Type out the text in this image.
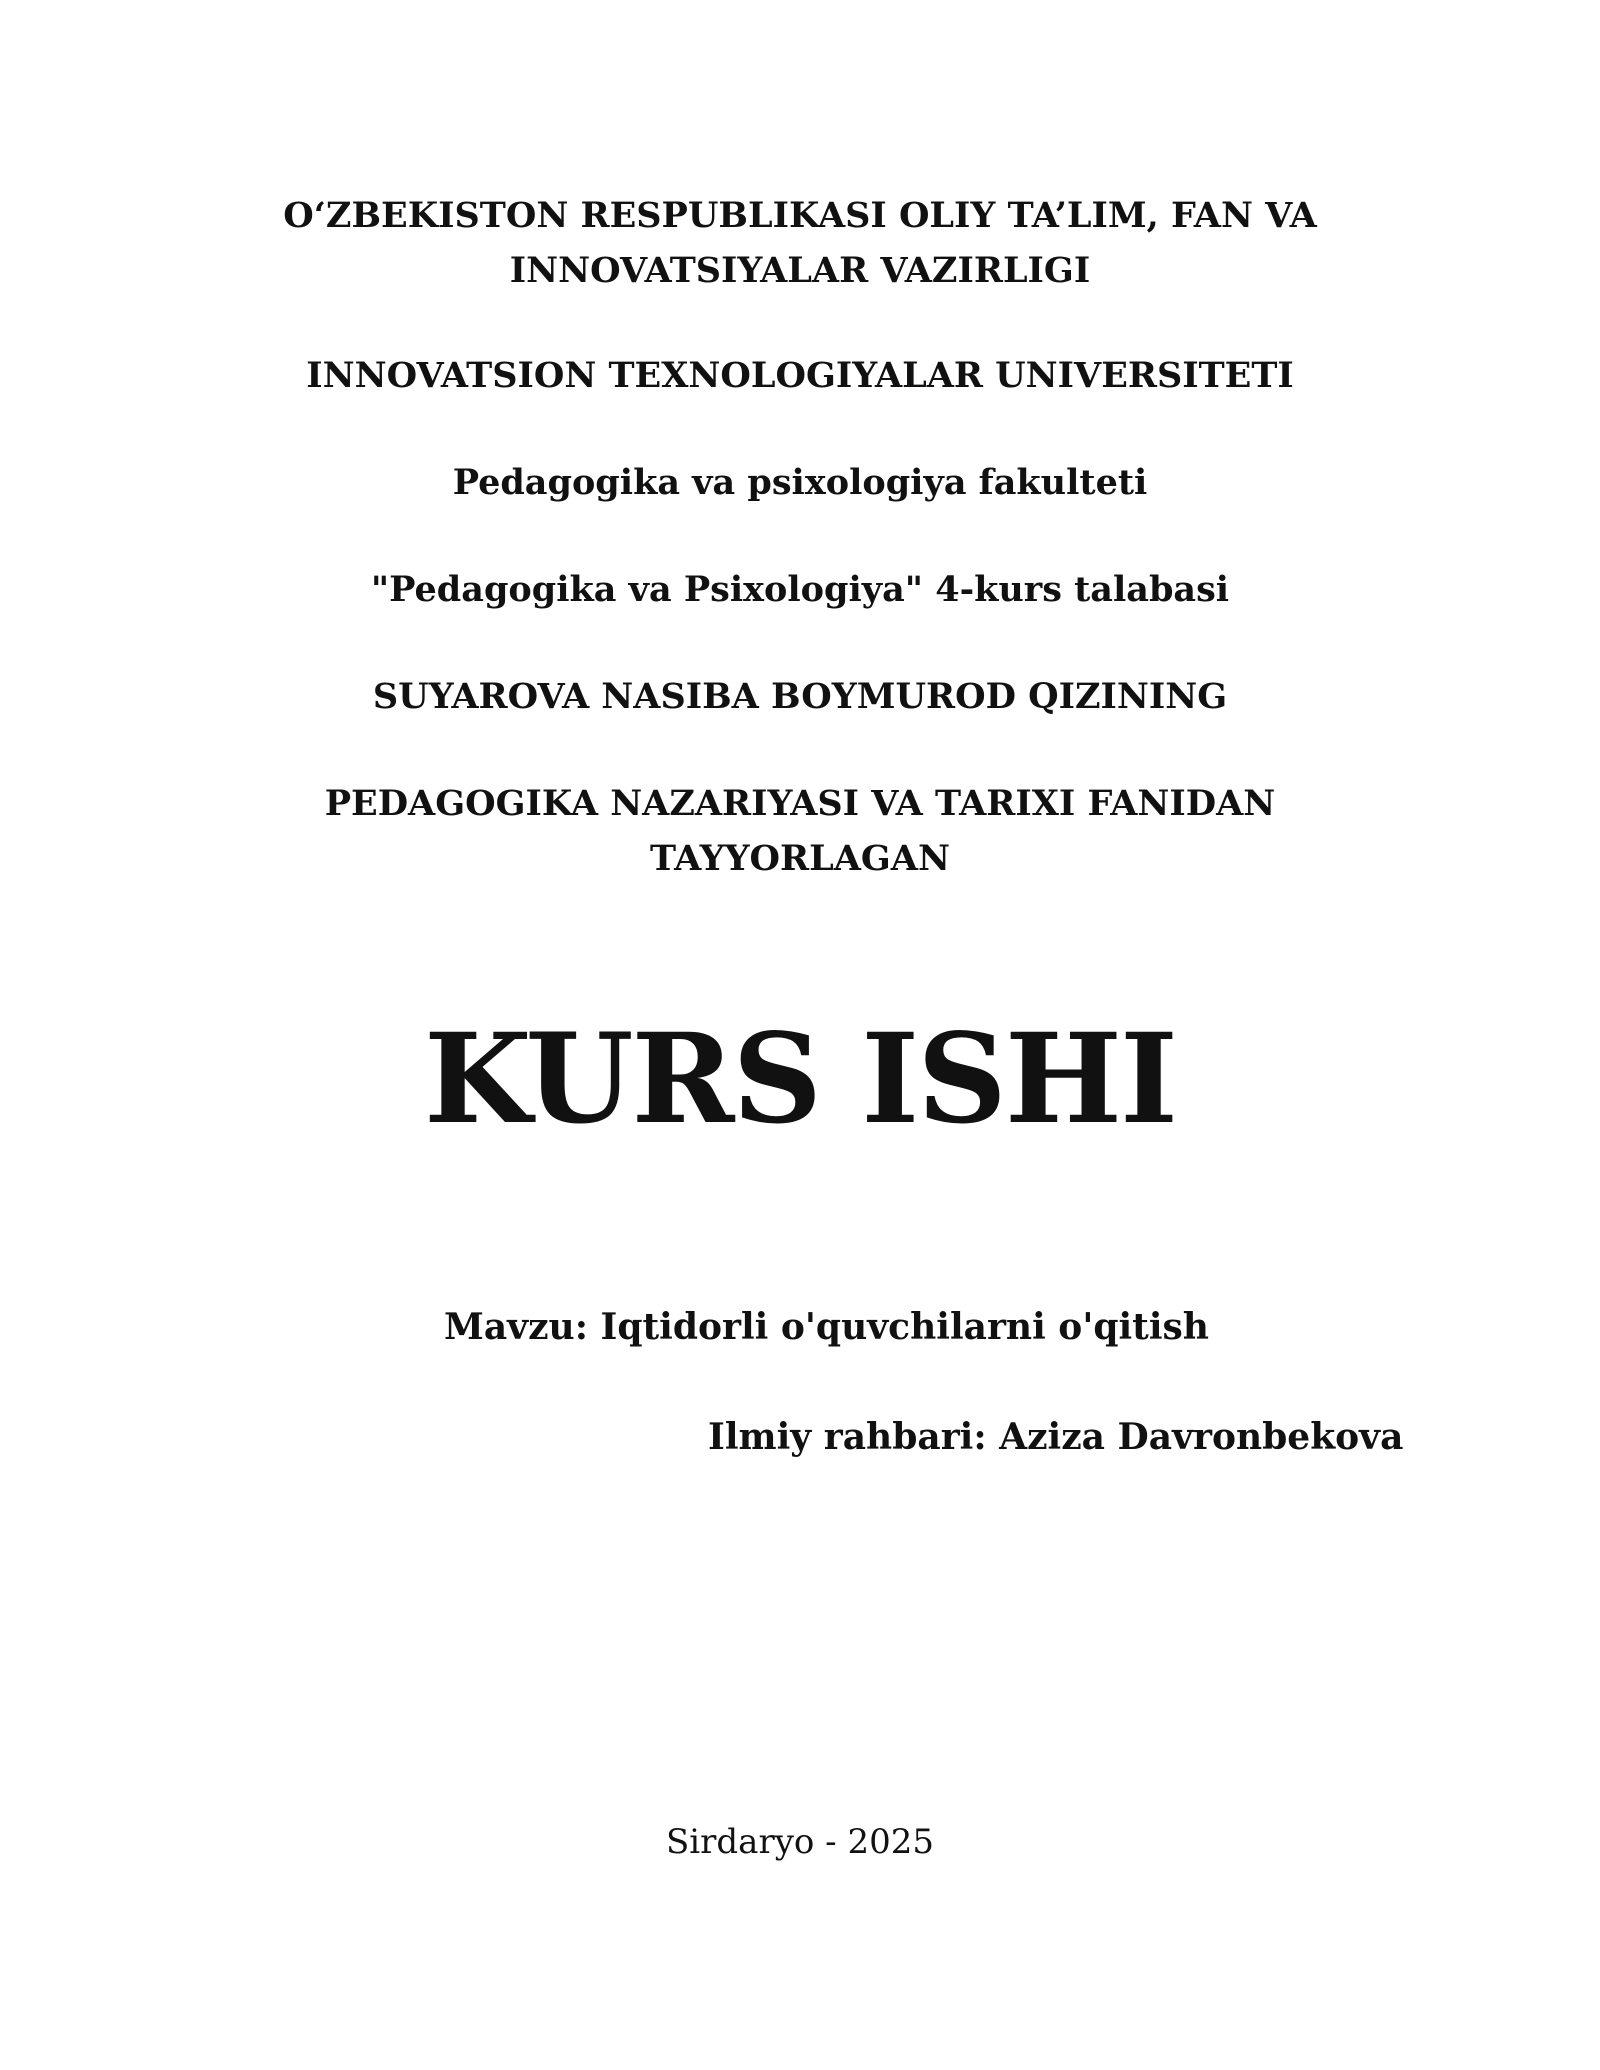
O‘ZBEKISTON RESPUBLIKASI OLIY TA’LIM, FAN VA
INNOVATSIYALAR VAZIRLIGI
INNOVATSION TEXNOLOGIYALAR UNIVERSITETI
Pedagogika va psixologiya fakulteti
"Pedagogika va Psixologiya" 4-kurs talabasi
SUYAROVA NASIBA BOYMUROD QIZINING
PEDAGOGIKA NAZARIYASI VA TARIXI FANIDAN
TAYYORLAGAN
KURS ISHI
Mavzu: Iqtidorli o'quvchilarni o'qitish
Ilmiy rahbari: Aziza Davronbekova
Sirdaryo - 2025
